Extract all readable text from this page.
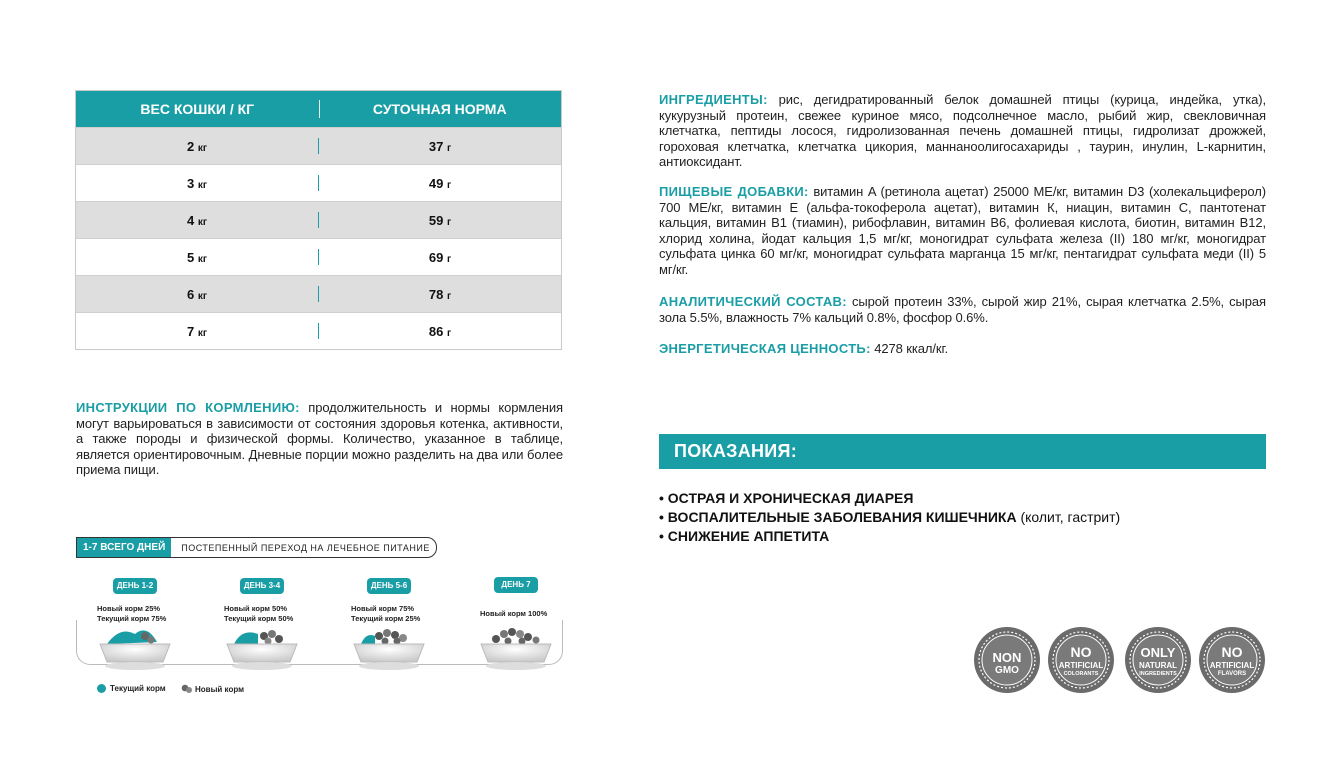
ВЕС КОШКИ / КГ	СУТОЧНАЯ НОРМА
2 кг	37 г
3 кг	49 г
4 кг	59 г
5 кг	69 г
6 кг	78 г
7 кг	86 г
ИНСТРУКЦИИ ПО КОРМЛЕНИЮ: продолжительность и нормы кормления могут варьироваться в зависимости от состояния здоровья котенка, активности, а также породы и физической формы. Количество, указанное в таблице, является ориентировочным. Дневные порции можно разделить на два или более приема пищи.
1-7 ВСЕГО ДНЕЙ	ПОСТЕПЕННЫЙ ПЕРЕХОД НА ЛЕЧЕБНОЕ ПИТАНИЕ
ДЕНЬ 1-2	ДЕНЬ 3-4	ДЕНЬ 5-6	ДЕНЬ 7
Новый корм 25%
Текущий корм 75%
Новый корм 50%
Текущий корм 50%
Новый корм 75%
Текущий корм 25%
Новый корм 100%
Текущий корм	Новый корм
ИНГРЕДИЕНТЫ: рис, дегидратированный белок домашней птицы (курица, индейка, утка), кукурузный протеин, свежее куриное мясо, подсолнечное масло, рыбий жир, свекловичная клетчатка, пептиды лосося, гидролизованная печень домашней птицы, гидролизат дрожжей, гороховая клетчатка, клетчатка цикория, маннаноолигосахариды , таурин, инулин, L-карнитин, антиоксидант.
ПИЩЕВЫЕ ДОБАВКИ: витамин A (ретинола ацетат) 25000 МЕ/кг, витамин D3 (холекальциферол) 700 МЕ/кг, витамин E (альфа-токоферола ацетат), витамин К, ниацин, витамин С, пантотенат кальция, витамин B1 (тиамин), рибофлавин, витамин B6, фолиевая кислота, биотин, витамин B12, хлорид холина, йодат кальция 1,5 мг/кг, моногидрат сульфата железа (II) 180 мг/кг, моногидрат сульфата цинка 60 мг/кг, моногидрат сульфата марганца 15 мг/кг, пентагидрат сульфата меди (II) 5 мг/кг.
АНАЛИТИЧЕСКИЙ СОСТАВ: сырой протеин 33%, сырой жир 21%, сырая клетчатка 2.5%, сырая зола 5.5%, влажность 7% кальций 0.8%, фосфор 0.6%.
ЭНЕРГЕТИЧЕСКАЯ ЦЕННОСТЬ: 4278 ккал/кг.
ПОКАЗАНИЯ:
• ОСТРАЯ И ХРОНИЧЕСКАЯ ДИАРЕЯ
• ВОСПАЛИТЕЛЬНЫЕ ЗАБОЛЕВАНИЯ КИШЕЧНИКА (колит, гастрит)
• СНИЖЕНИЕ АППЕТИТА
NON
GMO
NO
ARTIFICIAL
COLORANTS
ONLY
NATURAL
INGREDIENTS
NO
ARTIFICIAL
FLAVORS
